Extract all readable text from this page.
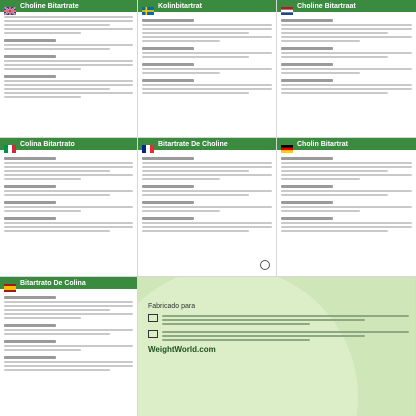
Choline Bitartrate	Kolinbitartrat	Choline Bitartraat
Colina Bitartrato	Bitartrate De Choline	Cholin Bitartrat
Bitartrato De Colina
Fabricado para
WeightWorld.com
